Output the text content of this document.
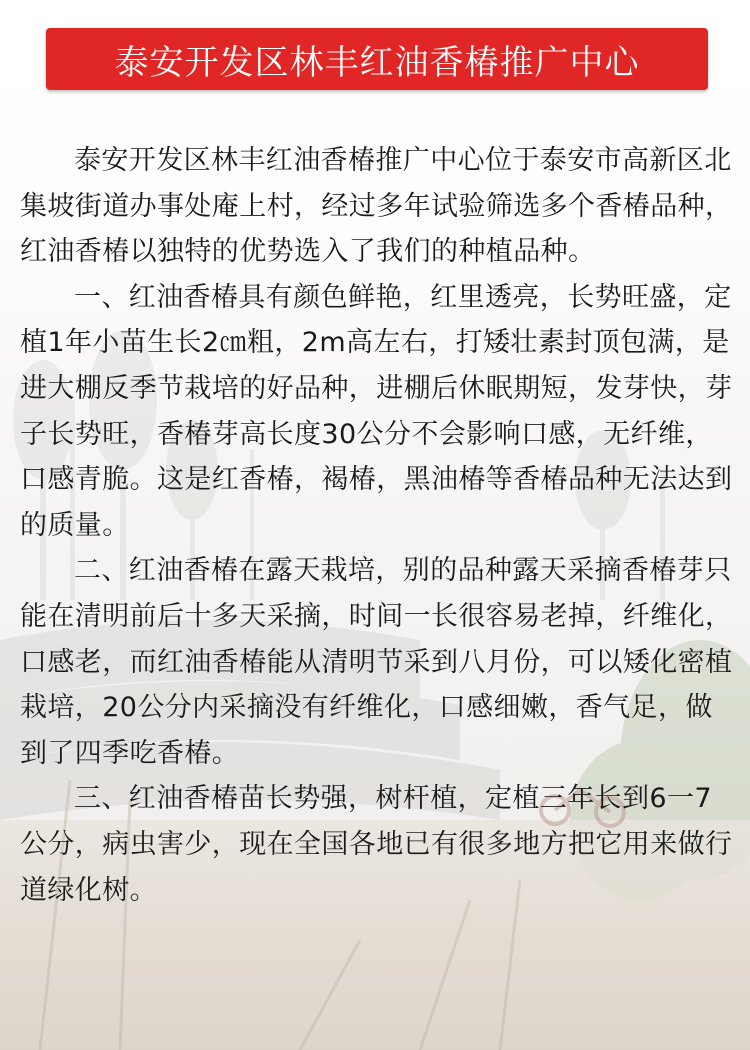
泰安开发区林丰红油香椿推广中心

泰安开发区林丰红油香椿推广中心位于泰安市高新区北集坡街道办事处庵上村，经过多年试验筛选多个香椿品种，红油香椿以独特的优势选入了我们的种植品种。

一、红油香椿具有颜色鲜艳，红里透亮，长势旺盛，定植1年小苗生长2㎝粗，2m高左右，打矮壮素封顶包满，是进大棚反季节栽培的好品种，进棚后休眠期短，发芽快，芽子长势旺，香椿芽高长度30公分不会影响口感，无纤维，口感青脆。这是红香椿，褐椿，黑油椿等香椿品种无法达到的质量。

二、红油香椿在露天栽培，别的品种露天采摘香椿芽只能在清明前后十多天采摘，时间一长很容易老掉，纤维化，口感老，而红油香椿能从清明节采到八月份，可以矮化密植栽培，20公分内采摘没有纤维化，口感细嫩，香气足，做到了四季吃香椿。

三、红油香椿苗长势强，树杆植，定植三年长到6一7公分，病虫害少，现在全国各地已有很多地方把它用来做行道绿化树。
